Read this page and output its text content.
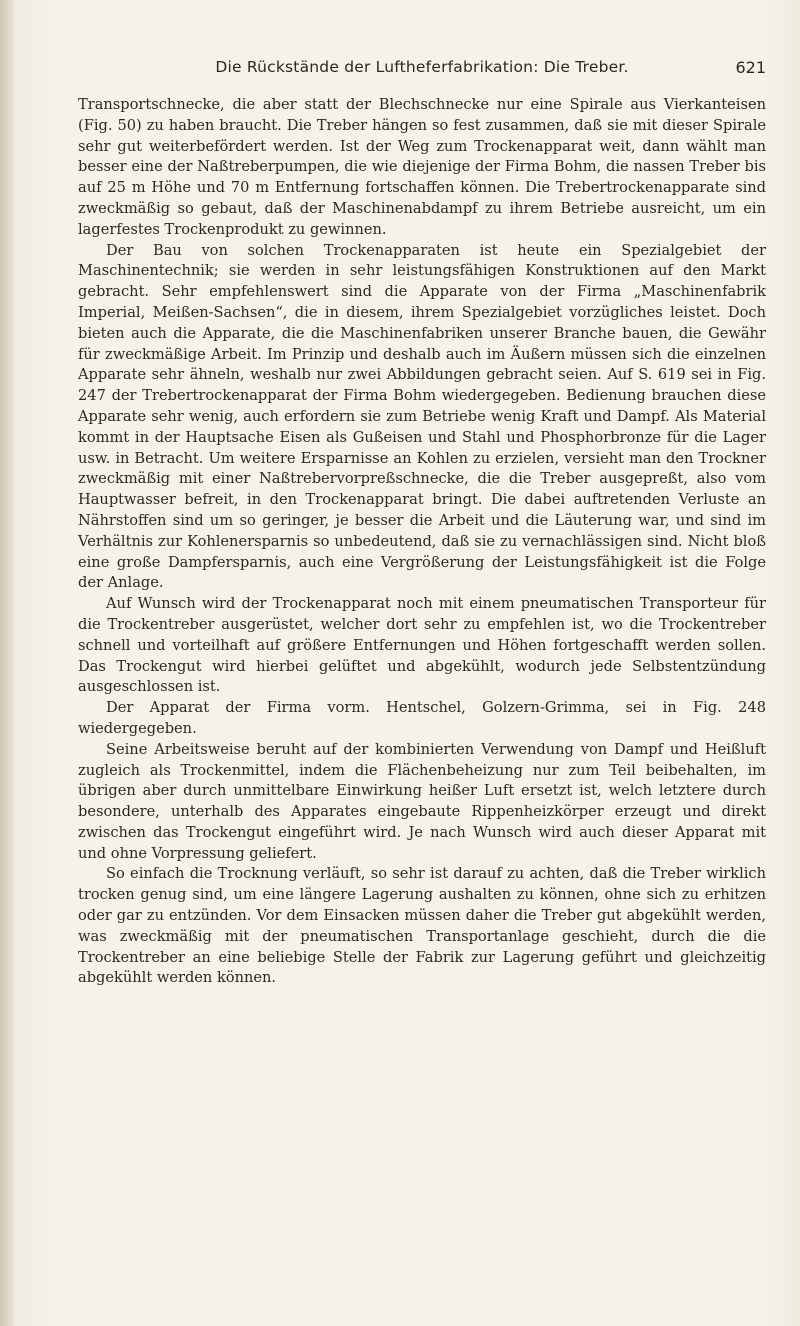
Die Rückstände der Luftheferfabrikation: Die Treber.	621

Transportschnecke, die aber statt der Blechschnecke nur eine Spirale aus Vierkanteisen (Fig. 50) zu haben braucht. Die Treber hängen so fest zusammen, daß sie mit dieser Spirale sehr gut weiterbefördert werden. Ist der Weg zum Trockenapparat weit, dann wählt man besser eine der Naßtreberpumpen, die wie diejenige der Firma Bohm, die nassen Treber bis auf 25 m Höhe und 70 m Entfernung fortschaffen können. Die Trebertrockenapparate sind zweckmäßig so gebaut, daß der Maschinenabdampf zu ihrem Betriebe ausreicht, um ein lagerfestes Trockenprodukt zu gewinnen.

Der Bau von solchen Trockenapparaten ist heute ein Spezialgebiet der Maschinentechnik; sie werden in sehr leistungsfähigen Konstruktionen auf den Markt gebracht. Sehr empfehlenswert sind die Apparate von der Firma „Maschinenfabrik Imperial, Meißen-Sachsen“, die in diesem, ihrem Spezialgebiet vorzügliches leistet. Doch bieten auch die Apparate, die die Maschinenfabriken unserer Branche bauen, die Gewähr für zweckmäßige Arbeit. Im Prinzip und deshalb auch im Äußern müssen sich die einzelnen Apparate sehr ähneln, weshalb nur zwei Abbildungen gebracht seien. Auf S. 619 sei in Fig. 247 der Trebertrockenapparat der Firma Bohm wiedergegeben. Bedienung brauchen diese Apparate sehr wenig, auch erfordern sie zum Betriebe wenig Kraft und Dampf. Als Material kommt in der Hauptsache Eisen als Gußeisen und Stahl und Phosphorbronze für die Lager usw. in Betracht. Um weitere Ersparnisse an Kohlen zu erzielen, versieht man den Trockner zweckmäßig mit einer Naßtrebervorpreßschnecke, die die Treber ausgepreßt, also vom Hauptwasser befreit, in den Trockenapparat bringt. Die dabei auftretenden Verluste an Nährstoffen sind um so geringer, je besser die Arbeit und die Läuterung war, und sind im Verhältnis zur Kohlenersparnis so unbedeutend, daß sie zu vernachlässigen sind. Nicht bloß eine große Dampfersparnis, auch eine Vergrößerung der Leistungsfähigkeit ist die Folge der Anlage.

Auf Wunsch wird der Trockenapparat noch mit einem pneumatischen Transporteur für die Trockentreber ausgerüstet, welcher dort sehr zu empfehlen ist, wo die Trockentreber schnell und vorteilhaft auf größere Entfernungen und Höhen fortgeschafft werden sollen. Das Trockengut wird hierbei gelüftet und abgekühlt, wodurch jede Selbstentzündung ausgeschlossen ist.

Der Apparat der Firma vorm. Hentschel, Golzern-Grimma, sei in Fig. 248 wiedergegeben.

Seine Arbeitsweise beruht auf der kombinierten Verwendung von Dampf und Heißluft zugleich als Trockenmittel, indem die Flächenbeheizung nur zum Teil beibehalten, im übrigen aber durch unmittelbare Einwirkung heißer Luft ersetzt ist, welch letztere durch besondere, unterhalb des Apparates eingebaute Rippenheizkörper erzeugt und direkt zwischen das Trockengut eingeführt wird. Je nach Wunsch wird auch dieser Apparat mit und ohne Vorpressung geliefert.

So einfach die Trocknung verläuft, so sehr ist darauf zu achten, daß die Treber wirklich trocken genug sind, um eine längere Lagerung aushalten zu können, ohne sich zu erhitzen oder gar zu entzünden. Vor dem Einsacken müssen daher die Treber gut abgekühlt werden, was zweckmäßig mit der pneumatischen Transportanlage geschieht, durch die die Trockentreber an eine beliebige Stelle der Fabrik zur Lagerung geführt und gleichzeitig abgekühlt werden können.
